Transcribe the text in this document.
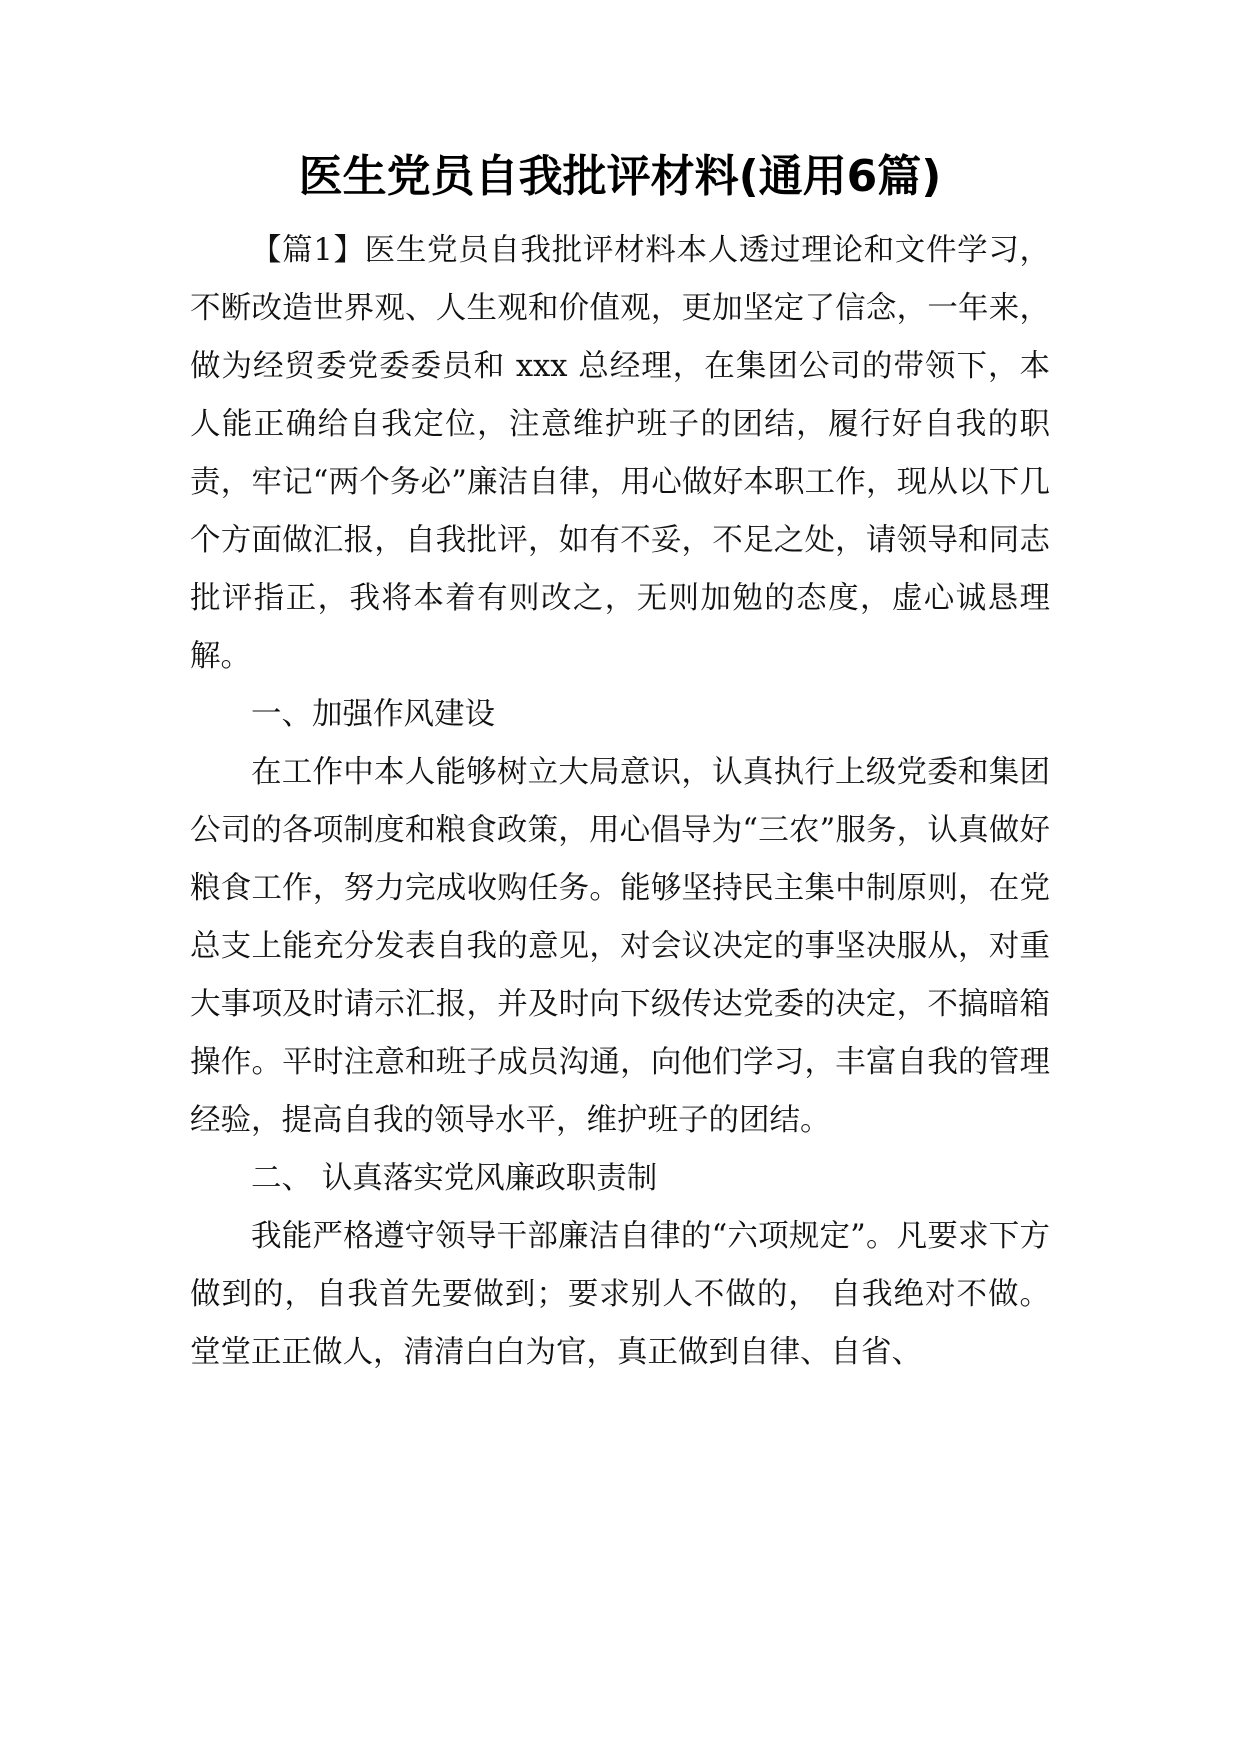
医生党员自我批评材料(通用6篇)

【篇1】医生党员自我批评材料本人透过理论和文件学习，不断改造世界观、人生观和价值观，更加坚定了信念，一年来，做为经贸委党委委员和 xxx 总经理，在集团公司的带领下，本人能正确给自我定位，注意维护班子的团结，履行好自我的职责，牢记“两个务必”廉洁自律，用心做好本职工作，现从以下几个方面做汇报，自我批评，如有不妥，不足之处，请领导和同志批评指正，我将本着有则改之，无则加勉的态度，虚心诚恳理解。

一、加强作风建设

在工作中本人能够树立大局意识，认真执行上级党委和集团公司的各项制度和粮食政策，用心倡导为“三农”服务，认真做好粮食工作，努力完成收购任务。能够坚持民主集中制原则，在党总支上能充分发表自我的意见，对会议决定的事坚决服从，对重大事项及时请示汇报，并及时向下级传达党委的决定，不搞暗箱操作。平时注意和班子成员沟通，向他们学习，丰富自我的管理经验，提高自我的领导水平，维护班子的团结。

二、 认真落实党风廉政职责制

我能严格遵守领导干部廉洁自律的“六项规定”。凡要求下方做到的，自我首先要做到；要求别人不做的， 自我绝对不做。堂堂正正做人，清清白白为官，真正做到自律、自省、
